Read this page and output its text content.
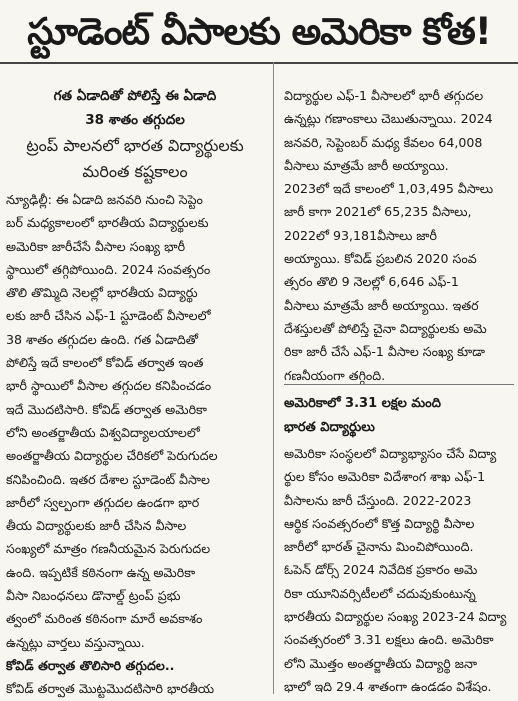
స్టూడెంట్ వీసాలకు అమెరికా కోత!
గత ఏడాదితో పోలిస్తే ఈ ఏడాది
38 శాతం తగ్గుదల
ట్రంప్ పాలనలో భారత విద్యార్థులకు
మరింత కష్టకాలం
న్యూఢిల్లీ: ఈ ఏడాది జనవరి నుంచి సెప్టెం
బర్ మధ్యకాలంలో భారతీయ విద్యార్థులకు
అమెరికా జారీచేసే వీసాల సంఖ్య భారీ
స్థాయిలో తగ్గిపోయింది. 2024 సంవత్సరం
తొలి తొమ్మిది నెలల్లో భారతీయ విద్యార్థు
లకు జారీ చేసిన ఎఫ్-1 స్టూడెంట్ వీసాలలో
38 శాతం తగ్గుదల ఉంది. గత ఏడాదితో
పోలిస్తే ఇదే కాలంలో కోవిడ్ తర్వాత ఇంత
భారీ స్థాయిలో వీసాల తగ్గుదల కనిపించడం
ఇదే మొదటిసారి. కోవిడ్ తర్వాత అమెరికా
లోని అంతర్జాతీయ విశ్వవిద్యాలయాలలో
అంతర్జాతీయ విద్యార్థుల చేరికలో పెరుగుదల
కనిపించింది. ఇతర దేశాల స్టూడెంట్ వీసాల
జారీలో స్వల్పంగా తగ్గుదల ఉండగా భార
తీయ విద్యార్థులకు జారీ చేసిన వీసాల
సంఖ్యలో మాత్రం గణనీయమైన పెరుగుదల
ఉంది. ఇప్పటికే కఠినంగా ఉన్న అమెరికా
వీసా నిబంధనలు డొనాల్డ్ ట్రంప్ ప్రభు
త్వంలో మరింత కఠినంగా మారే అవకాశం
ఉన్నట్లు వార్తలు వస్తున్నాయి.
కోవిడ్ తర్వాత తొలిసారి తగ్గుదల..
కోవిడ్ తర్వాత మొట్టమొదటిసారి భారతీయ
విద్యార్థుల ఎఫ్-1 వీసాలలో భారీ తగ్గుదల
ఉన్నట్లు గణాంకాలు చెబుతున్నాయి. 2024
జనవరి, సెప్టెంబర్ మధ్య కేవలం 64,008
వీసాలు మాత్రమే జారీ అయ్యాయి.
2023లో ఇదే కాలంలో 1,03,495 వీసాలు
జారీ కాగా 2021లో 65,235 వీసాలు,
2022లో 93,181వీసాలు జారీ
అయ్యాయి. కోవిడ్ ప్రబలిన 2020 సంవ
త్సరం తొలి 9 నెలల్లో 6,646 ఎఫ్-1
వీసాలు మాత్రమే జారీ అయ్యాయి. ఇతర
దేశస్తులతో పోలిస్తే చైనా విద్యార్థులకు అమె
రికా జారీ చేసే ఎఫ్-1 వీసాల సంఖ్య కూడా
గణనీయంగా తగ్గింది.
అమెరికాలో 3.31 లక్షల మంది
భారత విద్యార్థులు
అమెరికా సంస్థలలో విద్యాభ్యాసం చేసే విద్యా
ర్థుల కోసం అమెరికా విదేశాంగ శాఖ ఎఫ్-1
వీసాలను జారీ చేస్తుంది. 2022-2023
ఆర్థిక సంవత్సరంలో కొత్త విద్యార్థి వీసాల
జారీలో భారత్ చైనాను మించిపోయింది.
ఓపెన్ డోర్స్ 2024 నివేదిక ప్రకారం అమె
రికా యూనివర్సిటీలలో చదువుకుంటున్న
భారతీయ విద్యార్థుల సంఖ్య 2023-24 విద్యా
సంవత్సరంలో 3.31 లక్షలు ఉంది. అమెరికా
లోని మొత్తం అంతర్జాతీయ విద్యార్థి జనా
భాలో ఇది 29.4 శాతంగా ఉండడం విశేషం.
